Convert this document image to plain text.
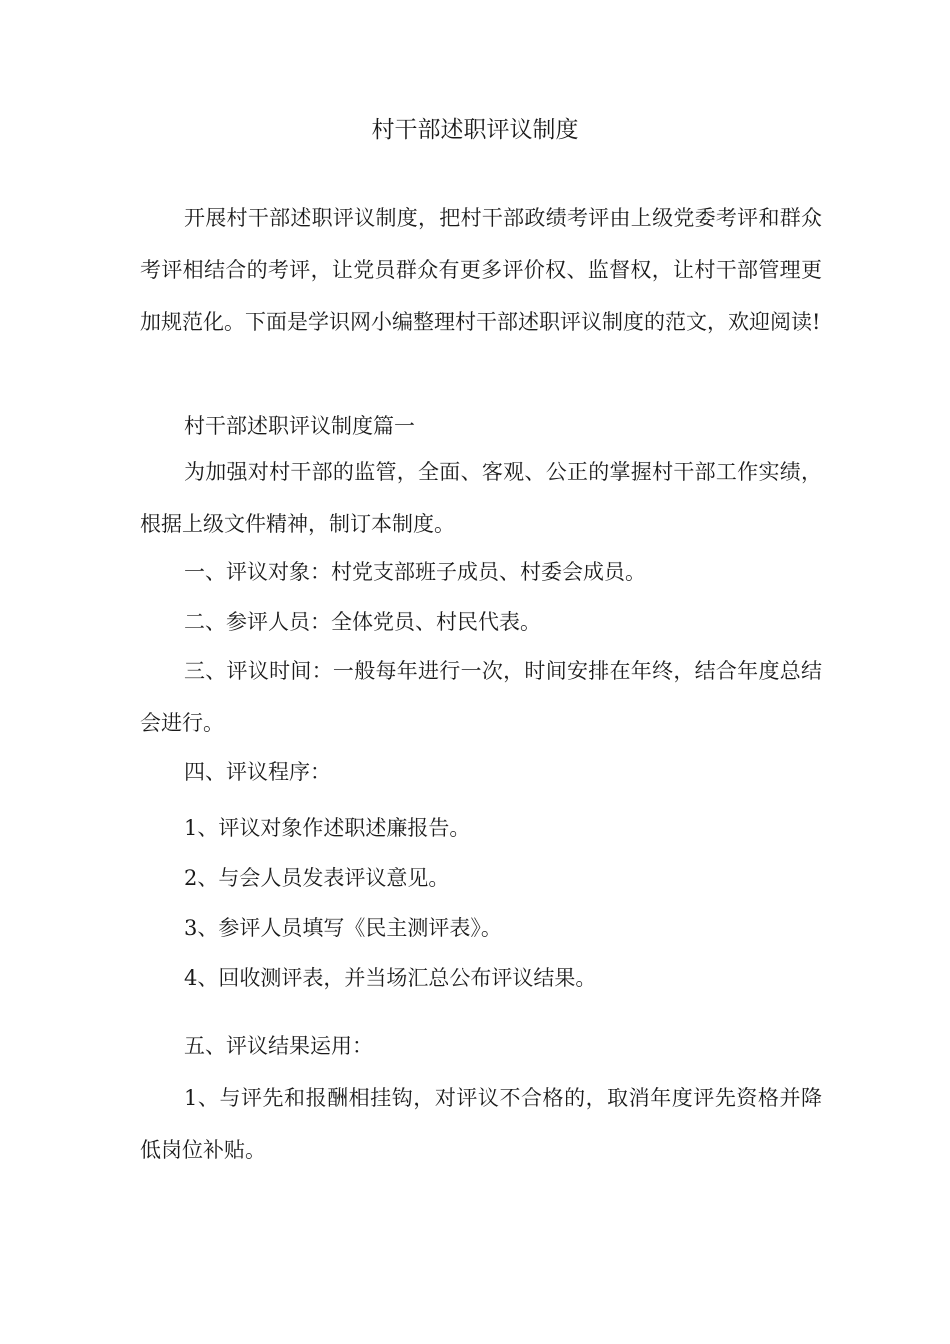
村干部述职评议制度

开展村干部述职评议制度，把村干部政绩考评由上级党委考评和群众考评相结合的考评，让党员群众有更多评价权、监督权，让村干部管理更加规范化。下面是学识网小编整理村干部述职评议制度的范文，欢迎阅读!

村干部述职评议制度篇一

为加强对村干部的监管，全面、客观、公正的掌握村干部工作实绩，根据上级文件精神，制订本制度。

一、评议对象：村党支部班子成员、村委会成员。

二、参评人员：全体党员、村民代表。

三、评议时间：一般每年进行一次，时间安排在年终，结合年度总结会进行。

四、评议程序：

1、评议对象作述职述廉报告。

2、与会人员发表评议意见。

3、参评人员填写《民主测评表》。

4、回收测评表，并当场汇总公布评议结果。

五、评议结果运用：

1、与评先和报酬相挂钩，对评议不合格的，取消年度评先资格并降低岗位补贴。
